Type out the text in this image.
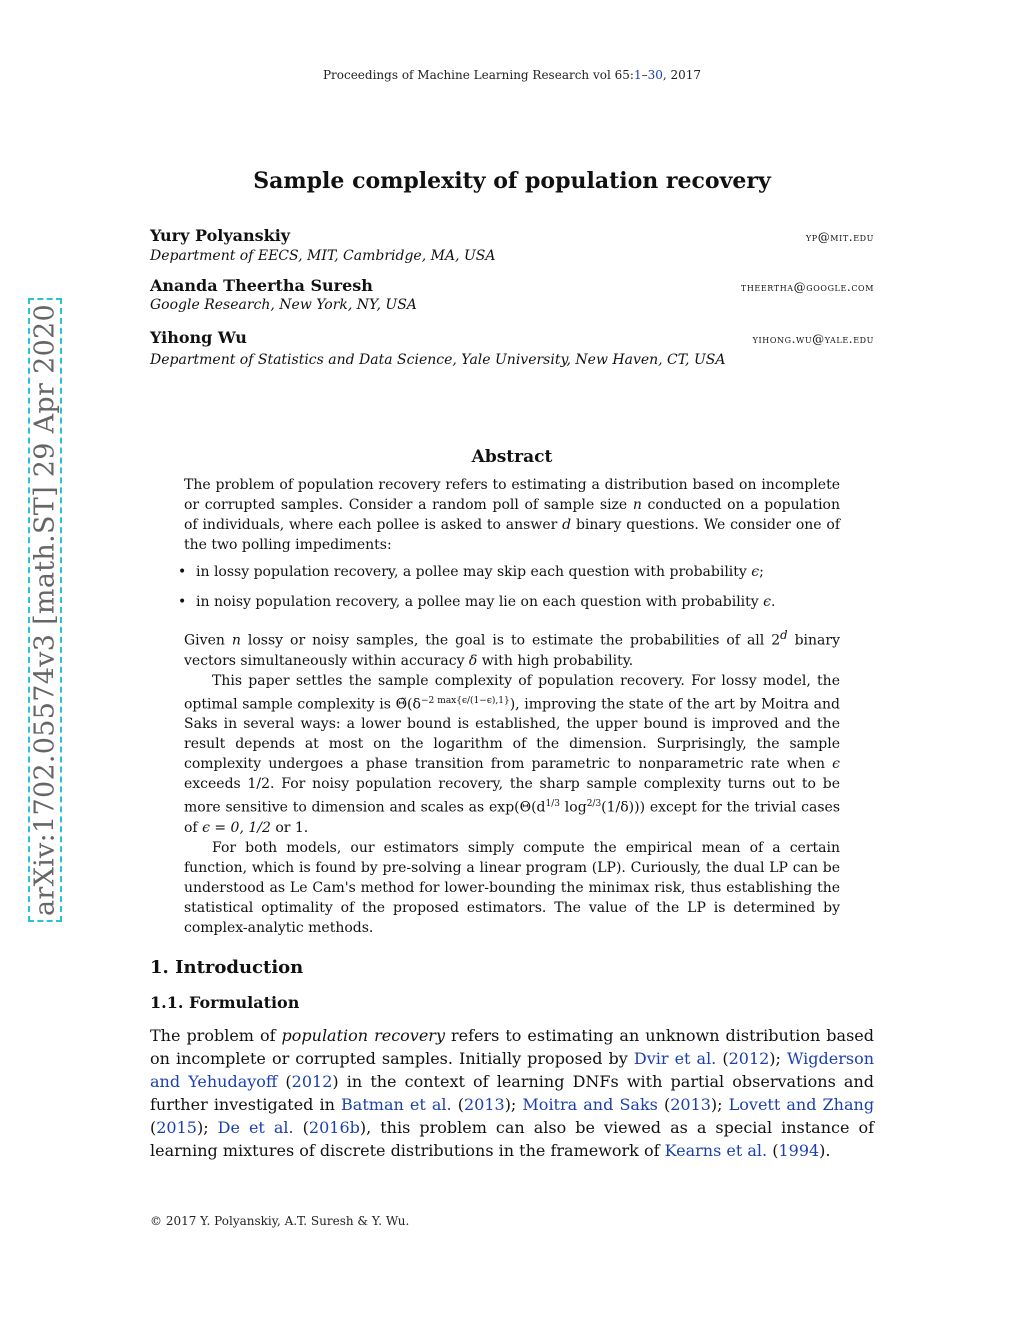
Proceedings of Machine Learning Research vol 65:1–30, 2017
arXiv:1702.05574v3 [math.ST] 29 Apr 2020
Sample complexity of population recovery
Yury Polyanskiy	yp@mit.edu
Department of EECS, MIT, Cambridge, MA, USA
Ananda Theertha Suresh	theertha@google.com
Google Research, New York, NY, USA
Yihong Wu	yihong.wu@yale.edu
Department of Statistics and Data Science, Yale University, New Haven, CT, USA
Abstract

The problem of population recovery refers to estimating a distribution based on incomplete or corrupted samples. Consider a random poll of sample size n conducted on a population of individuals, where each pollee is asked to answer d binary questions. We consider one of the two polling impediments:

• in lossy population recovery, a pollee may skip each question with probability ϵ;
• in noisy population recovery, a pollee may lie on each question with probability ϵ.

Given n lossy or noisy samples, the goal is to estimate the probabilities of all 2$^d$ binary vectors simultaneously within accuracy δ with high probability.

This paper settles the sample complexity of population recovery. For lossy model, the optimal sample complexity is $\Thetã(\delta^{-2 max\{\epsilon/(1-\epsilon),1\}})$, improving the state of the art by Moitra and Saks in several ways: a lower bound is established, the upper bound is improved and the result depends at most on the logarithm of the dimension. Surprisingly, the sample complexity undergoes a phase transition from parametric to nonparametric rate when ϵ exceeds 1/2. For noisy population recovery, the sharp sample complexity turns out to be more sensitive to dimension and scales as $\exp(\Theta(d^{1/3}$ $\log^{2/3}(1/\delta)$)) except for the trivial cases of ϵ = 0, 1/2 or 1.

For both models, our estimators simply compute the empirical mean of a certain function, which is found by pre-solving a linear program (LP). Curiously, the dual LP can be understood as Le Cam's method for lower-bounding the minimax risk, thus establishing the statistical optimality of the proposed estimators. The value of the LP is determined by complex-analytic methods.

1. Introduction
1.1. Formulation

The problem of population recovery refers to estimating an unknown distribution based on incomplete or corrupted samples. Initially proposed by Dvir et al. (2012); Wigderson and Yehudayoff (2012) in the context of learning DNFs with partial observations and further investigated in Batman et al. (2013); Moitra and Saks (2013); Lovett and Zhang (2015); De et al. (2016b), this problem can also be viewed as a special instance of learning mixtures of discrete distributions in the framework of Kearns et al. (1994).

© 2017 Y. Polyanskiy, A.T. Suresh & Y. Wu.
